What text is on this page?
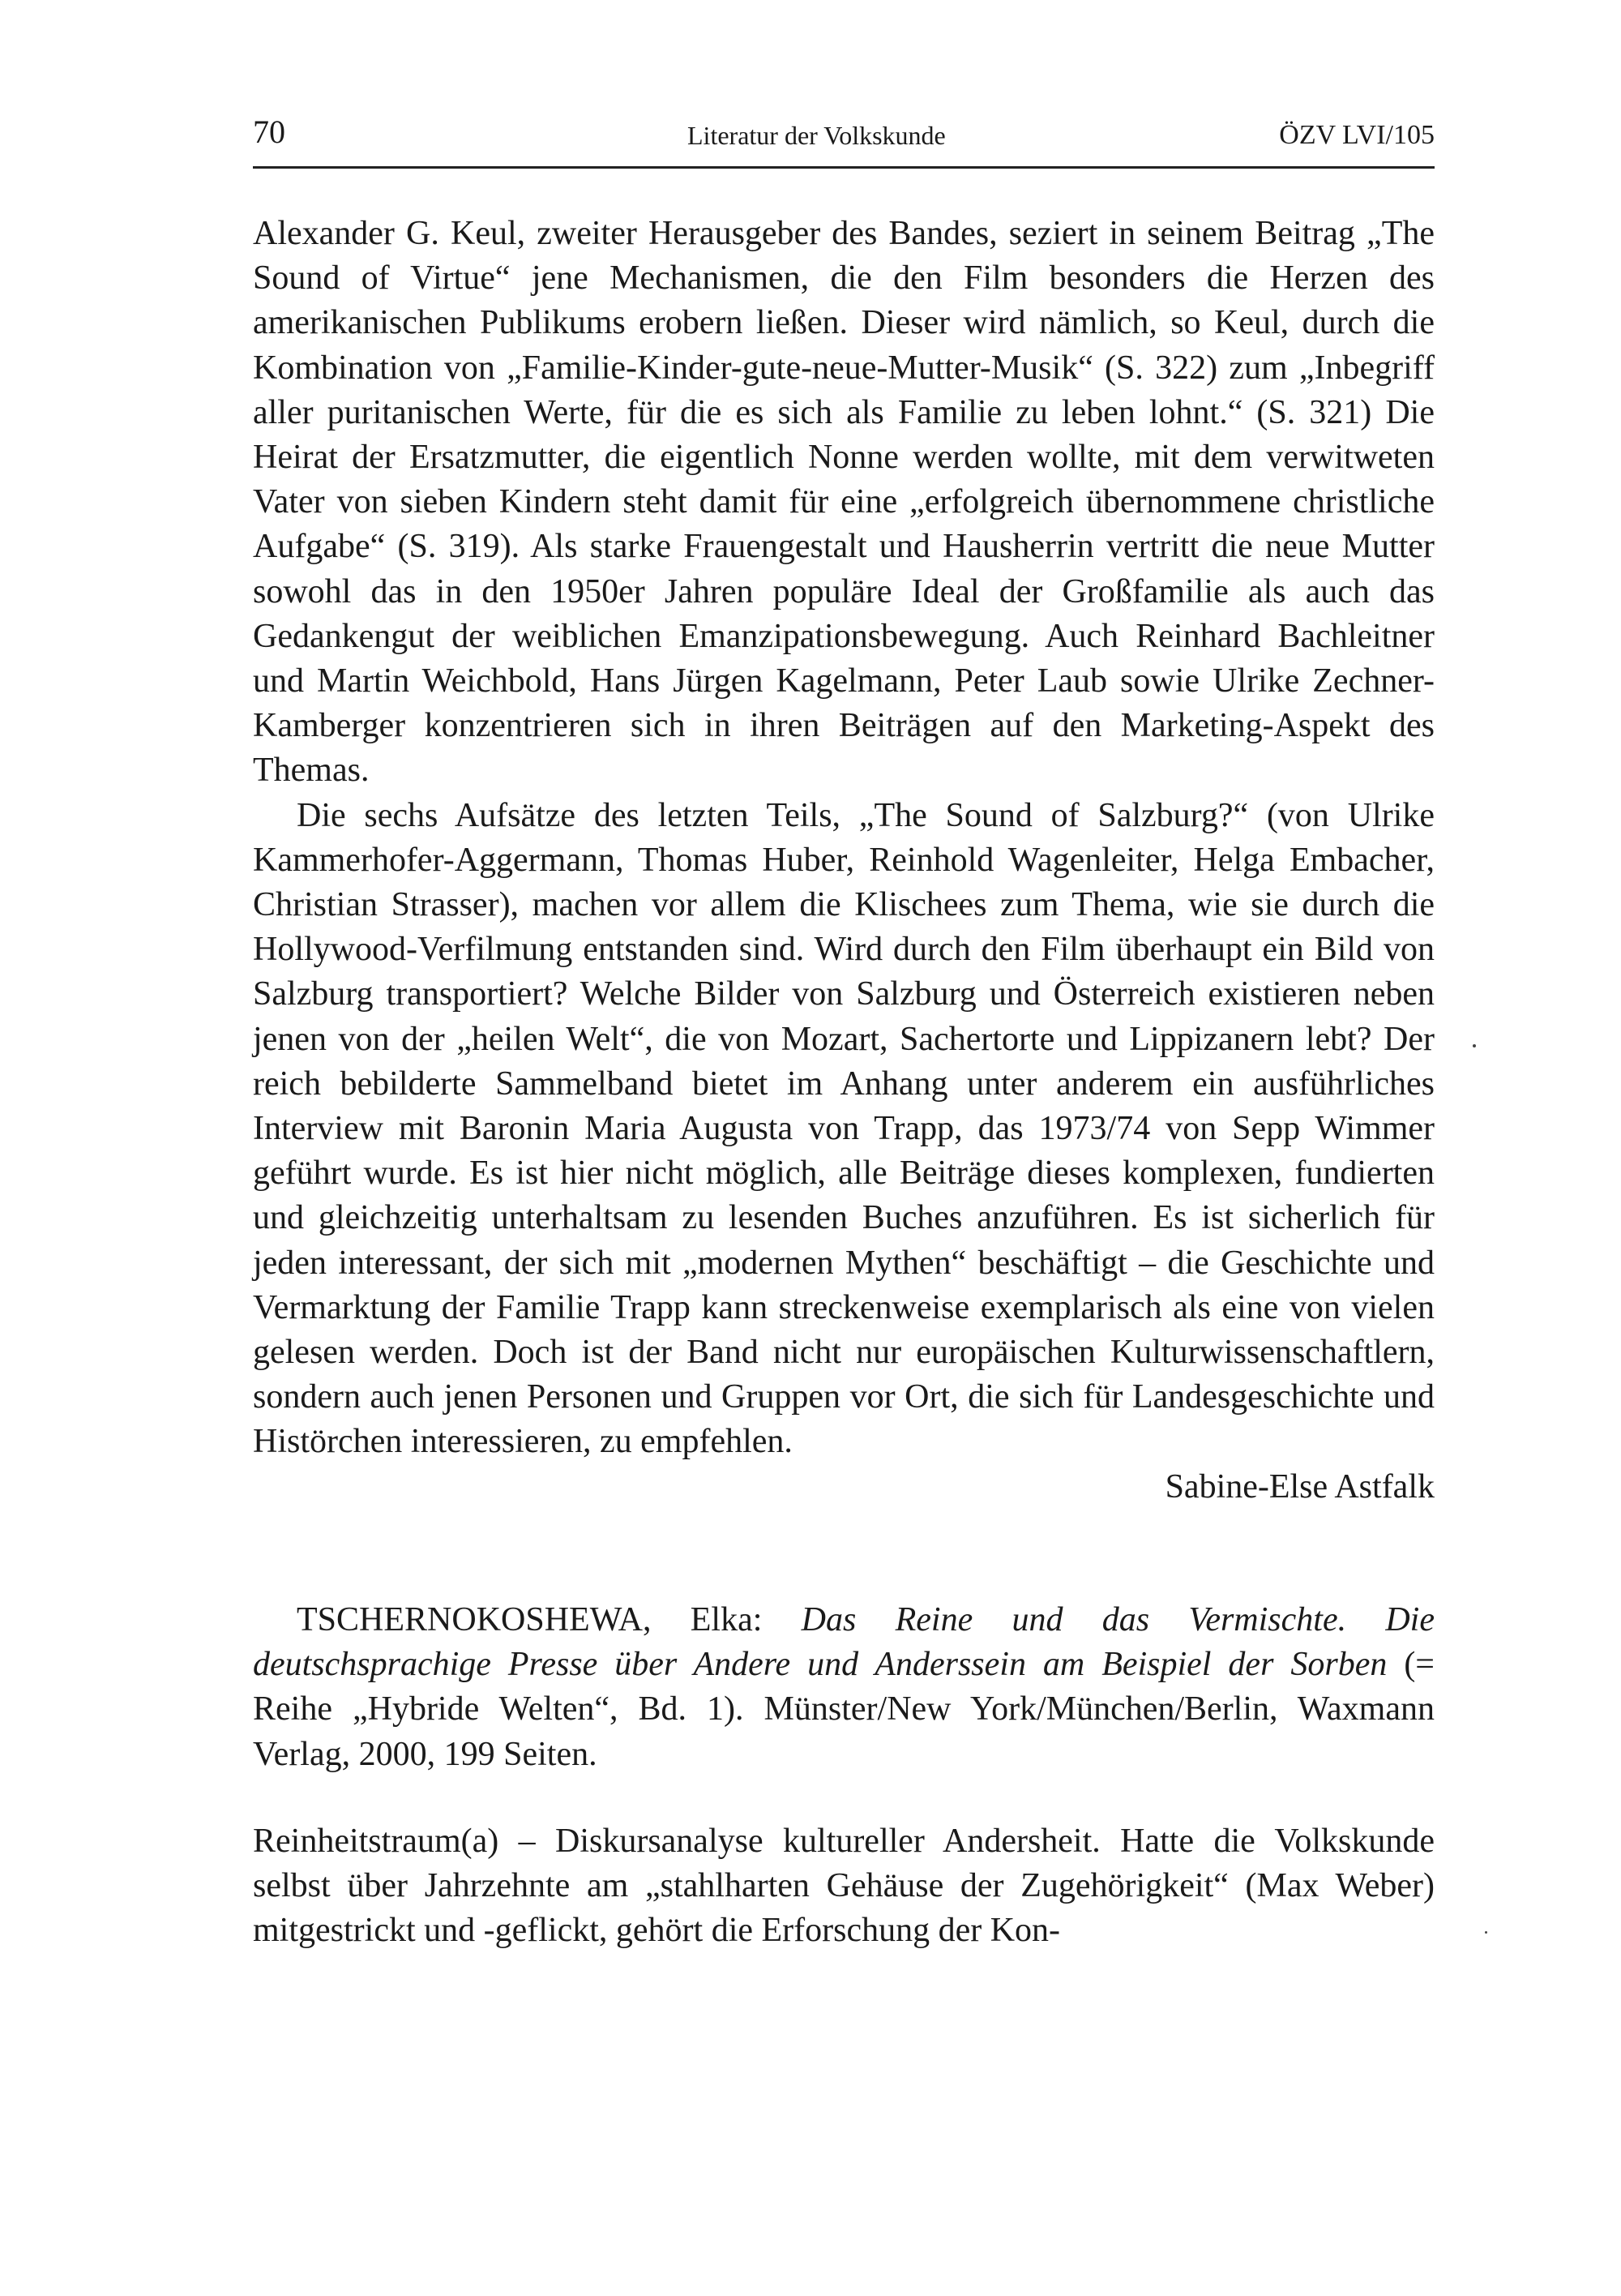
70	Literatur der Volkskunde	ÖZV LVI/105

Alexander G. Keul, zweiter Herausgeber des Bandes, seziert in seinem Beitrag „The Sound of Virtue“ jene Mechanismen, die den Film besonders die Herzen des amerikanischen Publikums erobern ließen. Dieser wird nämlich, so Keul, durch die Kombination von „Familie-Kinder-gute-neue-Mutter-Musik“ (S. 322) zum „Inbegriff aller puritanischen Werte, für die es sich als Familie zu leben lohnt.“ (S. 321) Die Heirat der Ersatzmutter, die eigentlich Nonne werden wollte, mit dem verwitweten Vater von sieben Kindern steht damit für eine „erfolgreich übernommene christliche Aufgabe“ (S. 319). Als starke Frauengestalt und Hausherrin vertritt die neue Mutter sowohl das in den 1950er Jahren populäre Ideal der Großfamilie als auch das Gedankengut der weiblichen Emanzipationsbewegung. Auch Reinhard Bachleitner und Martin Weichbold, Hans Jürgen Kagelmann, Peter Laub sowie Ulrike Zechner-Kamberger konzentrieren sich in ihren Beiträgen auf den Marketing-Aspekt des Themas.

Die sechs Aufsätze des letzten Teils, „The Sound of Salzburg?“ (von Ulrike Kammerhofer-Aggermann, Thomas Huber, Reinhold Wagenleiter, Helga Embacher, Christian Strasser), machen vor allem die Klischees zum Thema, wie sie durch die Hollywood-Verfilmung entstanden sind. Wird durch den Film überhaupt ein Bild von Salzburg transportiert? Welche Bilder von Salzburg und Österreich existieren neben jenen von der „heilen Welt“, die von Mozart, Sachertorte und Lippizanern lebt? Der reich bebilderte Sammelband bietet im Anhang unter anderem ein ausführliches Interview mit Baronin Maria Augusta von Trapp, das 1973/74 von Sepp Wimmer geführt wurde. Es ist hier nicht möglich, alle Beiträge dieses komplexen, fundierten und gleichzeitig unterhaltsam zu lesenden Buches anzuführen. Es ist sicherlich für jeden interessant, der sich mit „modernen Mythen“ beschäftigt – die Geschichte und Vermarktung der Familie Trapp kann streckenweise exemplarisch als eine von vielen gelesen werden. Doch ist der Band nicht nur europäischen Kulturwissenschaftlern, sondern auch jenen Personen und Gruppen vor Ort, die sich für Landesgeschichte und Histörchen interessieren, zu empfehlen.

Sabine-Else Astfalk

TSCHERNOKOSHEWA, Elka: Das Reine und das Vermischte. Die deutschsprachige Presse über Andere und Anderssein am Beispiel der Sorben (= Reihe „Hybride Welten“, Bd. 1). Münster/New York/München/Berlin, Waxmann Verlag, 2000, 199 Seiten.

Reinheitstraum(a) – Diskursanalyse kultureller Andersheit. Hatte die Volkskunde selbst über Jahrzehnte am „stahlharten Gehäuse der Zugehörigkeit“ (Max Weber) mitgestrickt und -geflickt, gehört die Erforschung der Kon-
